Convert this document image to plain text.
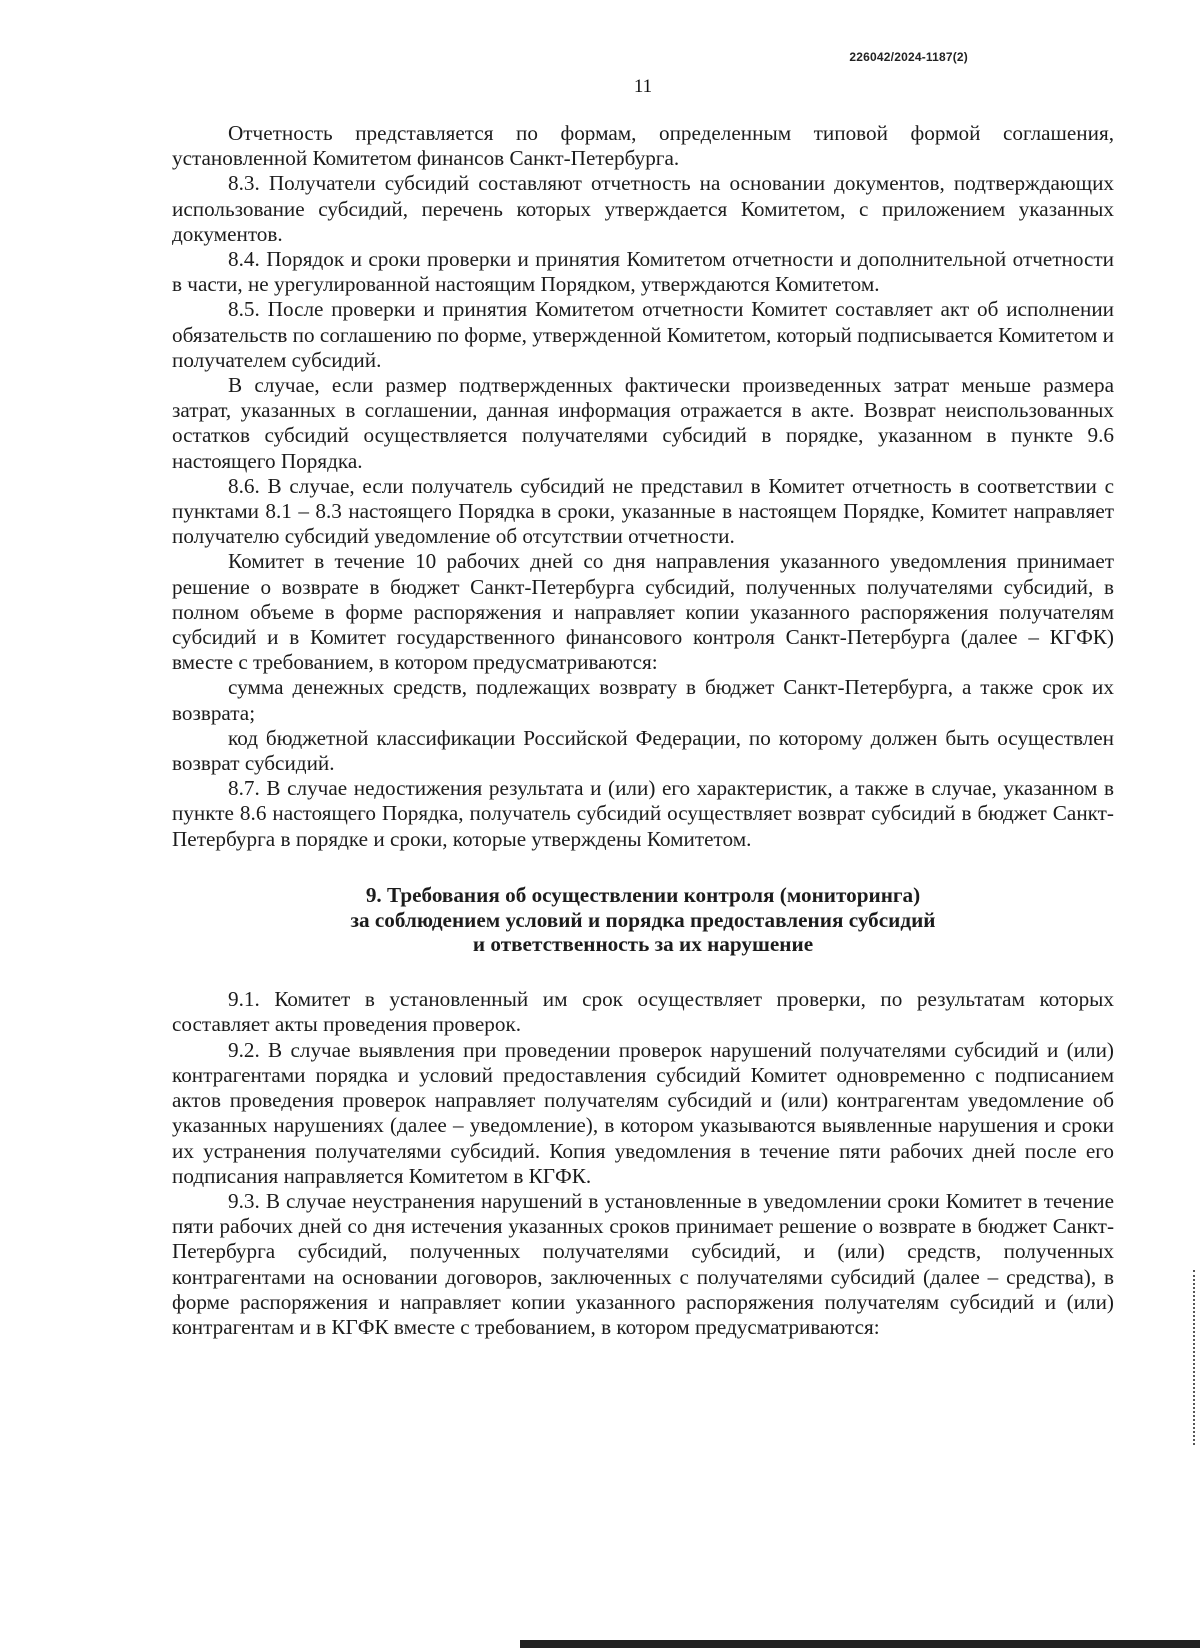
226042/2024-1187(2)
11

Отчетность представляется по формам, определенным типовой формой соглашения, установленной Комитетом финансов Санкт-Петербурга.

8.3. Получатели субсидий составляют отчетность на основании документов, подтверждающих использование субсидий, перечень которых утверждается Комитетом, с приложением указанных документов.

8.4. Порядок и сроки проверки и принятия Комитетом отчетности и дополнительной отчетности в части, не урегулированной настоящим Порядком, утверждаются Комитетом.

8.5. После проверки и принятия Комитетом отчетности Комитет составляет акт об исполнении обязательств по соглашению по форме, утвержденной Комитетом, который подписывается Комитетом и получателем субсидий.

В случае, если размер подтвержденных фактически произведенных затрат меньше размера затрат, указанных в соглашении, данная информация отражается в акте. Возврат неиспользованных остатков субсидий осуществляется получателями субсидий в порядке, указанном в пункте 9.6 настоящего Порядка.

8.6. В случае, если получатель субсидий не представил в Комитет отчетность в соответствии с пунктами 8.1 – 8.3 настоящего Порядка в сроки, указанные в настоящем Порядке, Комитет направляет получателю субсидий уведомление об отсутствии отчетности.

Комитет в течение 10 рабочих дней со дня направления указанного уведомления принимает решение о возврате в бюджет Санкт-Петербурга субсидий, полученных получателями субсидий, в полном объеме в форме распоряжения и направляет копии указанного распоряжения получателям субсидий и в Комитет государственного финансового контроля Санкт-Петербурга (далее – КГФК) вместе с требованием, в котором предусматриваются:

сумма денежных средств, подлежащих возврату в бюджет Санкт-Петербурга, а также срок их возврата;

код бюджетной классификации Российской Федерации, по которому должен быть осуществлен возврат субсидий.

8.7. В случае недостижения результата и (или) его характеристик, а также в случае, указанном в пункте 8.6 настоящего Порядка, получатель субсидий осуществляет возврат субсидий в бюджет Санкт-Петербурга в порядке и сроки, которые утверждены Комитетом.

9. Требования об осуществлении контроля (мониторинга)
за соблюдением условий и порядка предоставления субсидий
и ответственность за их нарушение

9.1. Комитет в установленный им срок осуществляет проверки, по результатам которых составляет акты проведения проверок.

9.2. В случае выявления при проведении проверок нарушений получателями субсидий и (или) контрагентами порядка и условий предоставления субсидий Комитет одновременно с подписанием актов проведения проверок направляет получателям субсидий и (или) контрагентам уведомление об указанных нарушениях (далее – уведомление), в котором указываются выявленные нарушения и сроки их устранения получателями субсидий. Копия уведомления в течение пяти рабочих дней после его подписания направляется Комитетом в КГФК.

9.3. В случае неустранения нарушений в установленные в уведомлении сроки Комитет в течение пяти рабочих дней со дня истечения указанных сроков принимает решение о возврате в бюджет Санкт-Петербурга субсидий, полученных получателями субсидий, и (или) средств, полученных контрагентами на основании договоров, заключенных с получателями субсидий (далее – средства), в форме распоряжения и направляет копии указанного распоряжения получателям субсидий и (или) контрагентам и в КГФК вместе с требованием, в котором предусматриваются:
